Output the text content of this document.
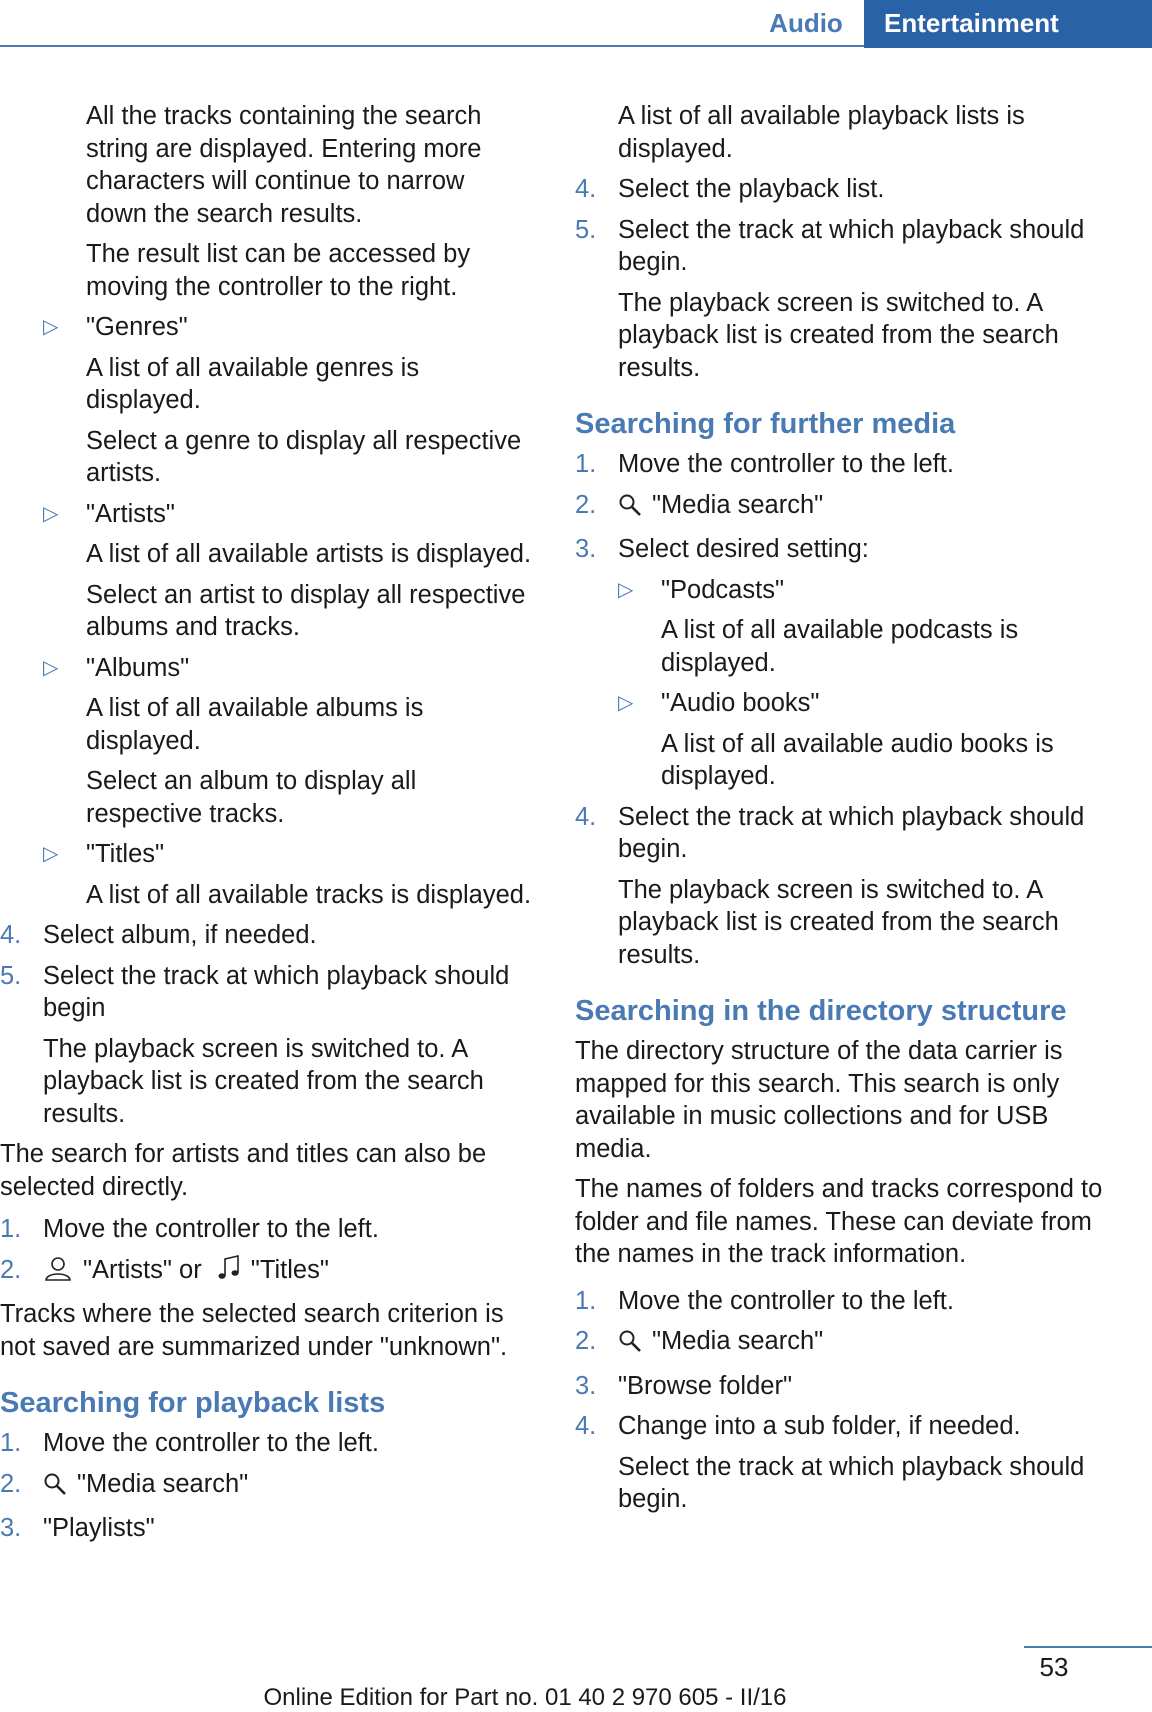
Audio	Entertainment

All the tracks containing the search string are displayed. Entering more characters will continue to narrow down the search results.

The result list can be accessed by moving the controller to the right.

▷ "Genres"

A list of all available genres is displayed.

Select a genre to display all respective artists.

▷ "Artists"

A list of all available artists is displayed.

Select an artist to display all respective albums and tracks.

▷ "Albums"

A list of all available albums is displayed.

Select an album to display all respective tracks.

▷ "Titles"

A list of all available tracks is displayed.

4. Select album, if needed.
5. Select the track at which playback should begin

The playback screen is switched to. A playback list is created from the search results.

The search for artists and titles can also be selected directly.

1. Move the controller to the left.
2. "Artists" or "Titles"

Tracks where the selected search criterion is not saved are summarized under "unknown".

Searching for playback lists
1. Move the controller to the left.
2. "Media search"
3. "Playlists"

A list of all available playback lists is displayed.

4. Select the playback list.
5. Select the track at which playback should begin.

The playback screen is switched to. A playback list is created from the search results.

Searching for further media
1. Move the controller to the left.
2. "Media search"
3. Select desired setting:
▷ "Podcasts"

A list of all available podcasts is displayed.

▷ "Audio books"

A list of all available audio books is displayed.

4. Select the track at which playback should begin.

The playback screen is switched to. A playback list is created from the search results.

Searching in the directory structure

The directory structure of the data carrier is mapped for this search. This search is only available in music collections and for USB media.

The names of folders and tracks correspond to folder and file names. These can deviate from the names in the track information.

1. Move the controller to the left.
2. "Media search"
3. "Browse folder"
4. Change into a sub folder, if needed.

Select the track at which playback should begin.

53
Online Edition for Part no. 01 40 2 970 605 - II/16
